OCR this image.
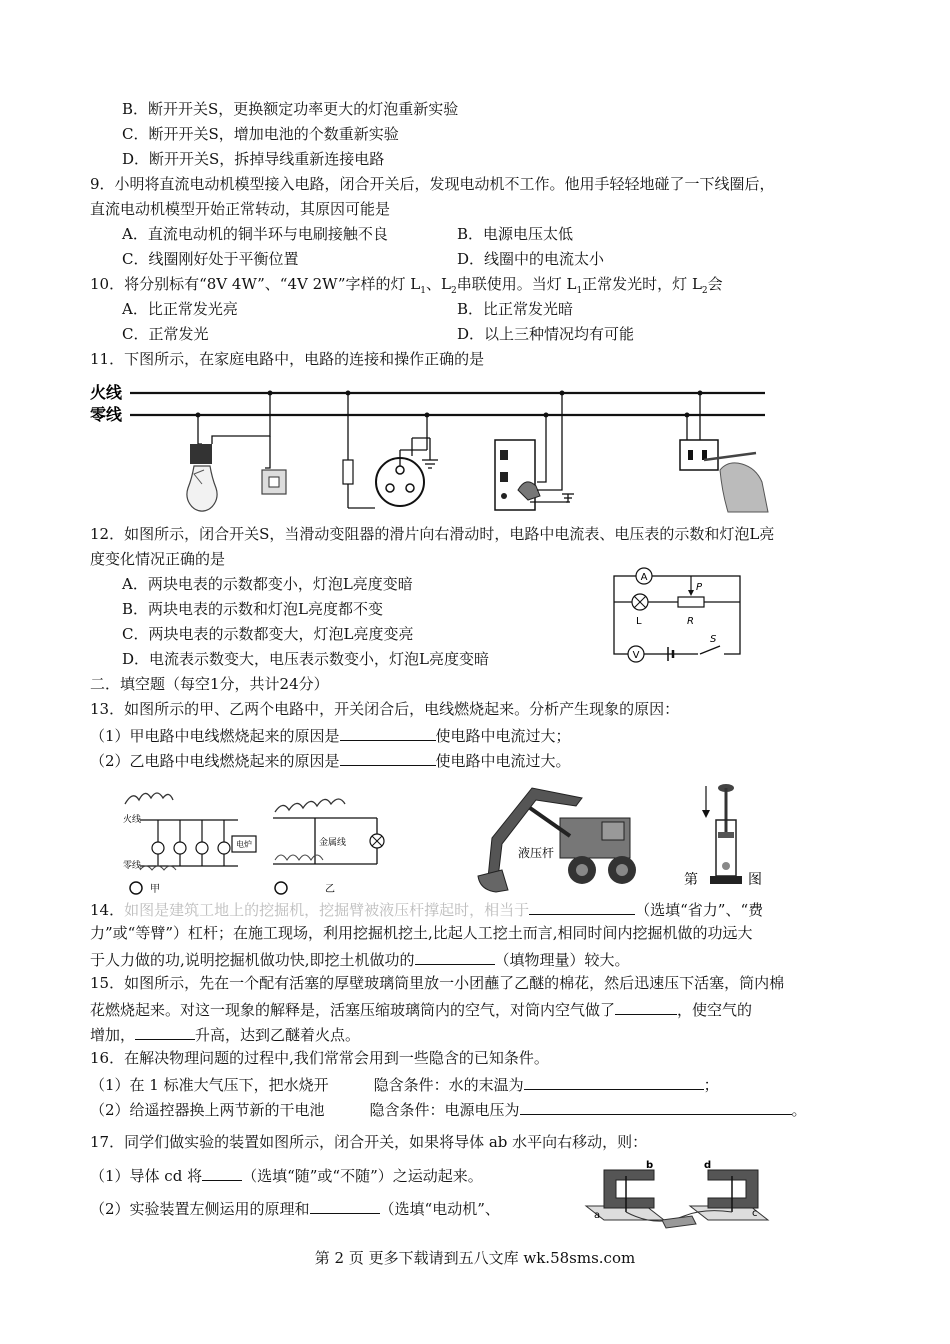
B．断开开关S，更换额定功率更大的灯泡重新实验
C．断开开关S，增加电池的个数重新实验
D．断开开关S，拆掉导线重新连接电路
9．小明将直流电动机模型接入电路，闭合开关后，发现电动机不工作。他用手轻轻地碰了一下线圈后，
直流电动机模型开始正常转动，其原因可能是
A．直流电动机的铜半环与电刷接触不良	B．电源电压太低
C．线圈刚好处于平衡位置	D．线圈中的电流太小
10．将分别标有“8V 4W”、“4V 2W”字样的灯 $L_1$、$L_2$串联使用。当灯 $L_1$正常发光时，灯 $L_2$会
A．比正常发光亮	B．比正常发光暗
C．正常发光	D．以上三种情况均有可能
11．下图所示，在家庭电路中，电路的连接和操作正确的是
火线
零线
12．如图所示，闭合开关S，当滑动变阻器的滑片向右滑动时，电路中电流表、电压表的示数和灯泡L亮
度变化情况正确的是
A．两块电表的示数都变小，灯泡L亮度变暗
B．两块电表的示数和灯泡L亮度都不变
C．两块电表的示数都变大，灯泡L亮度变亮
D．电流表示数变大，电压表示数变小，灯泡L亮度变暗
A
L	R
P
V
S
二．填空题（每空1分，共计24分）
13．如图所示的甲、乙两个电路中，开关闭合后，电线燃烧起来。分析产生现象的原因：
（1）甲电路中电线燃烧起来的原因是	使电路中电流过大；
（2）乙电路中电线燃烧起来的原因是	使电路中电流过大。
火线
零线
电炉
甲
金属线
乙
液压杆
第	图
14．如图是建筑工地上的挖掘机，挖掘臂被液压杆撑起时，相当于	（选填“省力”、“费
力”或“等臂”）杠杆；在施工现场，利用挖掘机挖土,比起人工挖土而言,相同时间内挖掘机做的功远大
于人力做的功,说明挖掘机做功快,即挖土机做功的	（填物理量）较大。
15．如图所示，先在一个配有活塞的厚壁玻璃筒里放一小团蘸了乙醚的棉花，然后迅速压下活塞，筒内棉
花燃烧起来。对这一现象的解释是，活塞压缩玻璃筒内的空气，对筒内空气做了	，使空气的
增加，	升高，达到乙醚着火点。
16．在解决物理问题的过程中,我们常常会用到一些隐含的已知条件。
（1）在 1 标准大气压下，把水烧开　　　隐含条件：水的末温为	；
（2）给遥控器换上两节新的干电池　　　隐含条件：电源电压为	。
17．同学们做实验的装置如图所示，闭合开关，如果将导体 ab 水平向右移动，则：
（1）导体 cd 将	（选填“随”或“不随”）之运动起来。
（2）实验装置左侧运用的原理和	（选填“电动机”、
b
a
d
c
第 2 页 更多下载请到五八文库 wk.58sms.com
